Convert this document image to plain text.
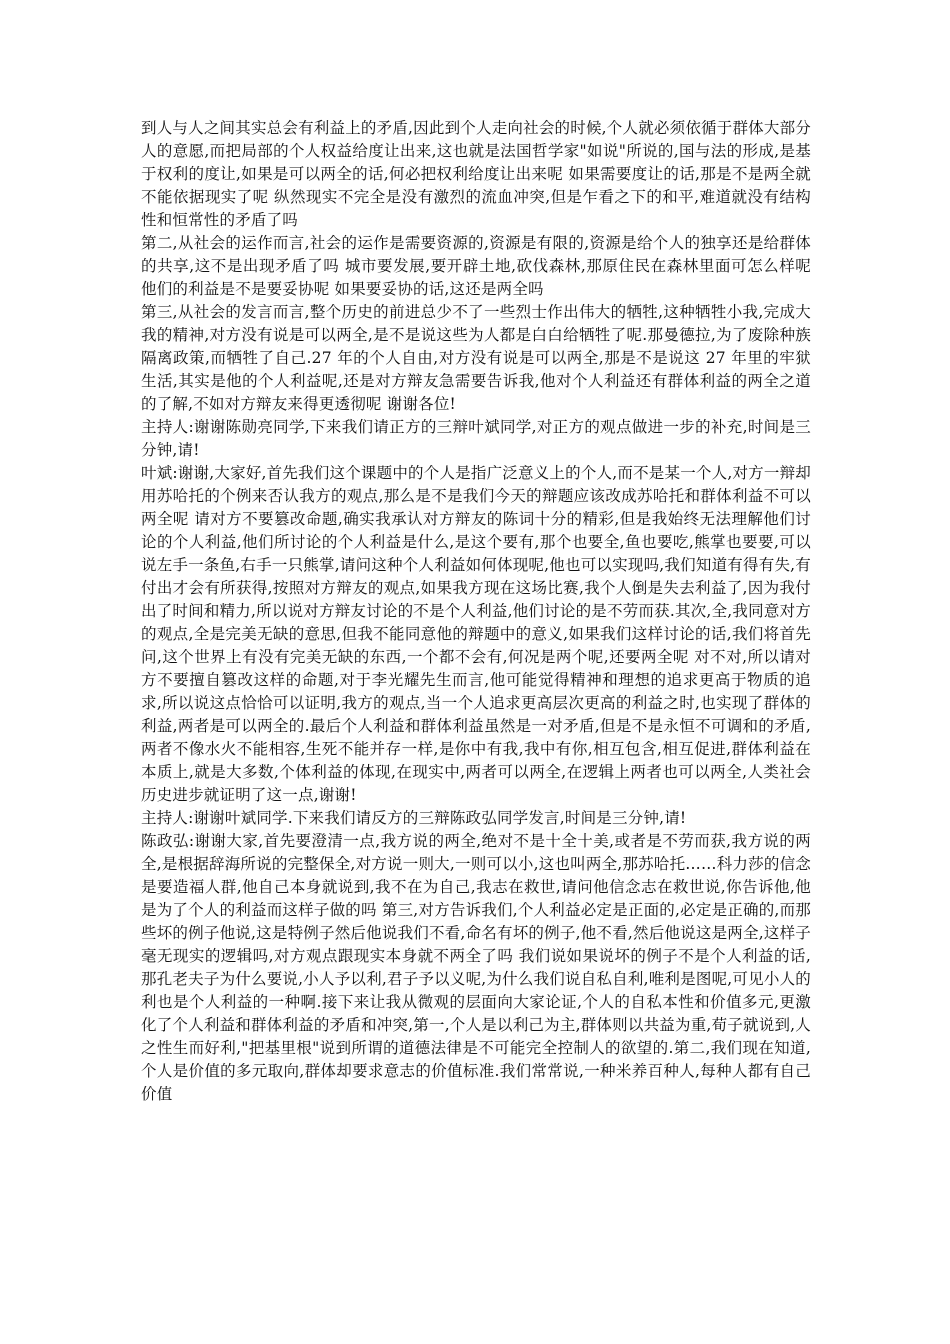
到人与人之间其实总会有利益上的矛盾,因此到个人走向社会的时候,个人就必须依循于群体大部分人的意愿,而把局部的个人权益给度让出来,这也就是法国哲学家"如说"所说的,国与法的形成,是基于权利的度让,如果是可以两全的话,何必把权利给度让出来呢 如果需要度让的话,那是不是两全就不能依据现实了呢 纵然现实不完全是没有激烈的流血冲突,但是乍看之下的和平,难道就没有结构性和恒常性的矛盾了吗

第二,从社会的运作而言,社会的运作是需要资源的,资源是有限的,资源是给个人的独享还是给群体的共享,这不是出现矛盾了吗 城市要发展,要开辟土地,砍伐森林,那原住民在森林里面可怎么样呢 他们的利益是不是要妥协呢 如果要妥协的话,这还是两全吗

第三,从社会的发言而言,整个历史的前进总少不了一些烈士作出伟大的牺牲,这种牺牲小我,完成大我的精神,对方没有说是可以两全,是不是说这些为人都是白白给牺牲了呢.那曼德拉,为了废除种族隔离政策,而牺牲了自己.27 年的个人自由,对方没有说是可以两全,那是不是说这 27 年里的牢狱生活,其实是他的个人利益呢,还是对方辩友急需要告诉我,他对个人利益还有群体利益的两全之道的了解,不如对方辩友来得更透彻呢 谢谢各位!

主持人:谢谢陈勋亮同学,下来我们请正方的三辩叶斌同学,对正方的观点做进一步的补充,时间是三分钟,请!

叶斌:谢谢,大家好,首先我们这个课题中的个人是指广泛意义上的个人,而不是某一个人,对方一辩却用苏哈托的个例来否认我方的观点,那么是不是我们今天的辩题应该改成苏哈托和群体利益不可以两全呢 请对方不要篡改命题,确实我承认对方辩友的陈词十分的精彩,但是我始终无法理解他们讨论的个人利益,他们所讨论的个人利益是什么,是这个要有,那个也要全,鱼也要吃,熊掌也要要,可以说左手一条鱼,右手一只熊掌,请问这种个人利益如何体现呢,他也可以实现吗,我们知道有得有失,有付出才会有所获得,按照对方辩友的观点,如果我方现在这场比赛,我个人倒是失去利益了,因为我付出了时间和精力,所以说对方辩友讨论的不是个人利益,他们讨论的是不劳而获.其次,全,我同意对方的观点,全是完美无缺的意思,但我不能同意他的辩题中的意义,如果我们这样讨论的话,我们将首先问,这个世界上有没有完美无缺的东西,一个都不会有,何况是两个呢,还要两全呢 对不对,所以请对方不要擅自篡改这样的命题,对于李光耀先生而言,他可能觉得精神和理想的追求更高于物质的追求,所以说这点恰恰可以证明,我方的观点,当一个人追求更高层次更高的利益之时,也实现了群体的利益,两者是可以两全的.最后个人利益和群体利益虽然是一对矛盾,但是不是永恒不可调和的矛盾,两者不像水火不能相容,生死不能并存一样,是你中有我,我中有你,相互包含,相互促进,群体利益在本质上,就是大多数,个体利益的体现,在现实中,两者可以两全,在逻辑上两者也可以两全,人类社会历史进步就证明了这一点,谢谢!

主持人:谢谢叶斌同学.下来我们请反方的三辩陈政弘同学发言,时间是三分钟,请!

陈政弘:谢谢大家,首先要澄清一点,我方说的两全,绝对不是十全十美,或者是不劳而获,我方说的两全,是根据辞海所说的完整保全,对方说一则大,一则可以小,这也叫两全,那苏哈托……科力莎的信念是要造福人群,他自己本身就说到,我不在为自己,我志在救世,请问他信念志在救世说,你告诉他,他是为了个人的利益而这样子做的吗 第三,对方告诉我们,个人利益必定是正面的,必定是正确的,而那些坏的例子他说,这是特例子然后他说我们不看,命名有坏的例子,他不看,然后他说这是两全,这样子毫无现实的逻辑吗,对方观点跟现实本身就不两全了吗 我们说如果说坏的例子不是个人利益的话,那孔老夫子为什么要说,小人予以利,君子予以义呢,为什么我们说自私自利,唯利是图呢,可见小人的利也是个人利益的一种啊.接下来让我从微观的层面向大家论证,个人的自私本性和价值多元,更激化了个人利益和群体利益的矛盾和冲突,第一,个人是以利己为主,群体则以共益为重,荀子就说到,人之性生而好利,"把基里根"说到所谓的道德法律是不可能完全控制人的欲望的.第二,我们现在知道,个人是价值的多元取向,群体却要求意志的价值标准.我们常常说,一种米养百种人,每种人都有自己价值
